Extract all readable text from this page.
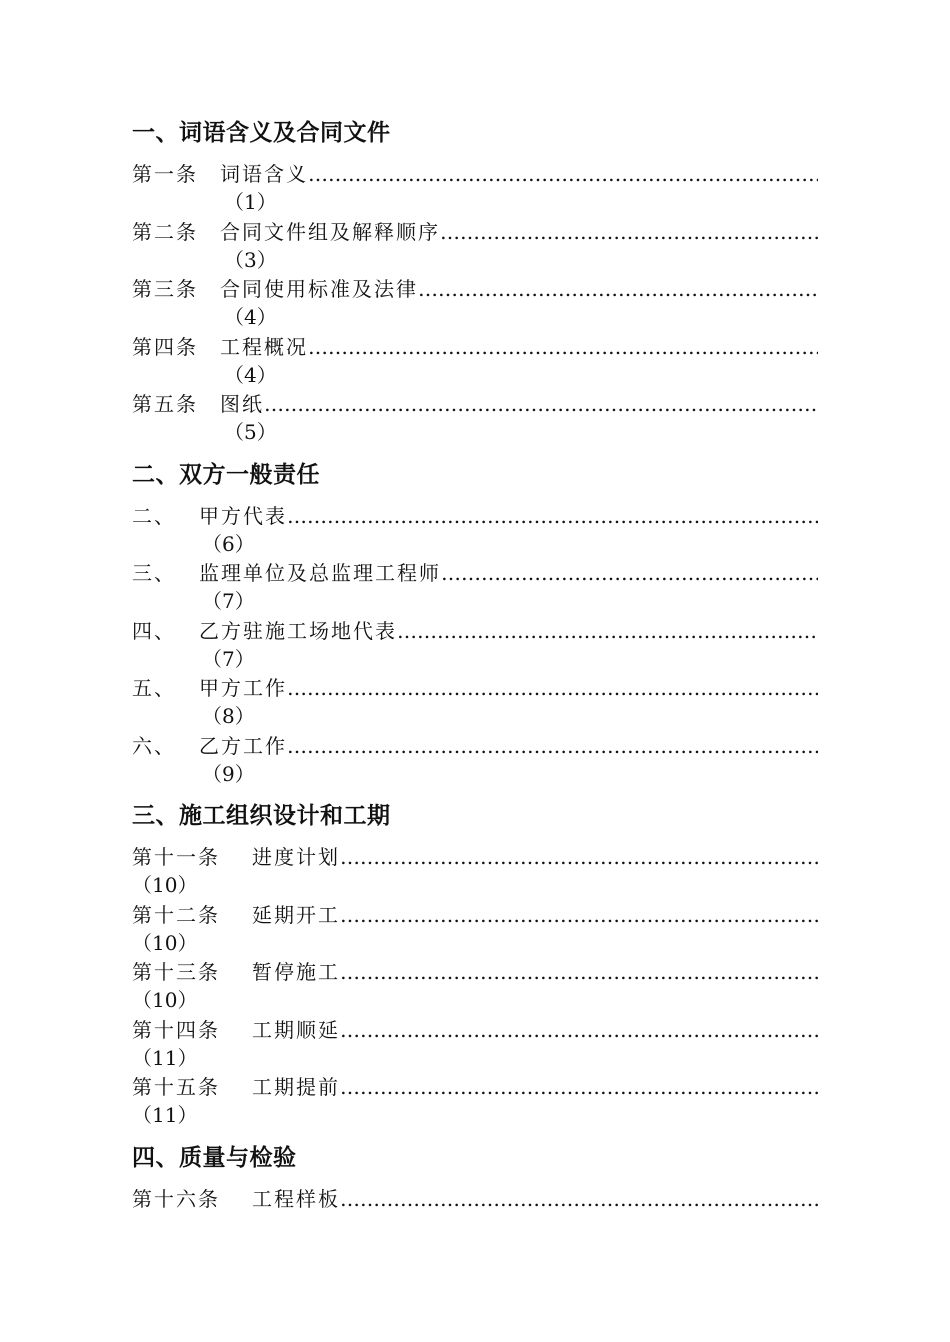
一、词语含义及合同文件
第一条 词语含义 …………………………………………………………………………………………………………………
（1）
第二条 合同文件组及解释顺序 …………………………………………………………………………………………………………………
（3）
第三条 合同使用标准及法律 …………………………………………………………………………………………………………………
（4）
第四条 工程概况 …………………………………………………………………………………………………………………
（4）
第五条 图纸 …………………………………………………………………………………………………………………
（5）
二、双方一般责任
二、 甲方代表 …………………………………………………………………………………………………………………
（6）
三、 监理单位及总监理工程师 …………………………………………………………………………………………………………………
（7）
四、 乙方驻施工场地代表 …………………………………………………………………………………………………………………
（7）
五、 甲方工作 …………………………………………………………………………………………………………………
（8）
六、 乙方工作 …………………………………………………………………………………………………………………
（9）
三、施工组织设计和工期
第十一条 进度计划 …………………………………………………………………………………………………………………
（10）
第十二条 延期开工 …………………………………………………………………………………………………………………
（10）
第十三条 暂停施工 …………………………………………………………………………………………………………………
（10）
第十四条 工期顺延 …………………………………………………………………………………………………………………
（11）
第十五条 工期提前 …………………………………………………………………………………………………………………
（11）
四、质量与检验
第十六条 工程样板 …………………………………………………………………………………………………………………
